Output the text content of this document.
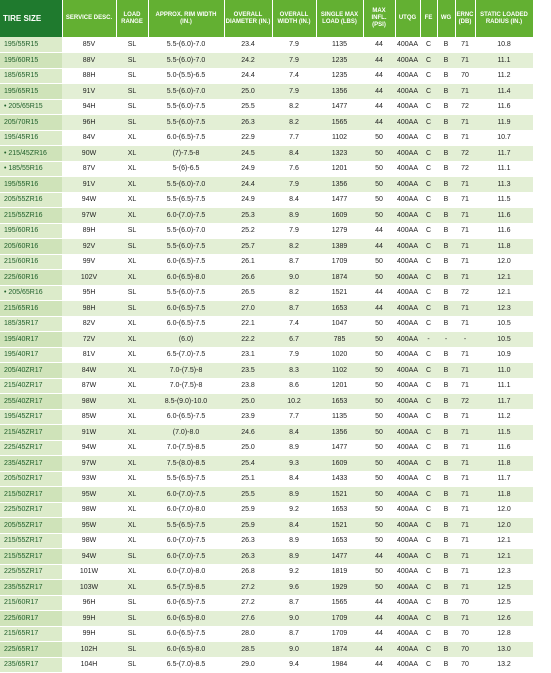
TIRE SIZE	SERVICE DESC.	LOAD RANGE	APPROX. RIM WIDTH (IN.)	OVERALL DIAMETER (IN.)	OVERALL WIDTH (IN.)	SINGLE MAX LOAD (LBS)	MAX INFL. (PSI)	UTQG	FE	WG	ERNC (DB)	STATIC LOADED RADIUS (IN.)	REVS PER MILE
195/55R15	85V	SL	5.5-(6.0)-7.0	23.4	7.9	1135	44	400AA	C	B	71	10.8	
195/60R15	88V	SL	5.5-(6.0)-7.0	24.2	7.9	1235	44	400AA	C	B	71	11.1	
185/65R15	88H	SL	5.0-(5.5)-6.5	24.4	7.4	1235	44	400AA	C	B	70	11.2	
195/65R15	91V	SL	5.5-(6.0)-7.0	25.0	7.9	1356	44	400AA	C	B	71	11.4	
• 205/65R15	94H	SL	5.5-(6.0)-7.5	25.5	8.2	1477	44	400AA	C	B	72	11.6	
205/70R15	96H	SL	5.5-(6.0)-7.5	26.3	8.2	1565	44	400AA	C	B	71	11.9	
195/45R16	84V	XL	6.0-(6.5)-7.5	22.9	7.7	1102	50	400AA	C	B	71	10.7	
• 215/45ZR16	90W	XL	(7)-7.5-8	24.5	8.4	1323	50	400AA	C	B	72	11.7	
• 185/55R16	87V	XL	5-(6)-6.5	24.9	7.6	1201	50	400AA	C	B	72	11.1	
195/55R16	91V	XL	5.5-(6.0)-7.0	24.4	7.9	1356	50	400AA	C	B	71	11.3	
205/55ZR16	94W	XL	5.5-(6.5)-7.5	24.9	8.4	1477	50	400AA	C	B	71	11.5	
215/55ZR16	97W	XL	6.0-(7.0)-7.5	25.3	8.9	1609	50	400AA	C	B	71	11.6	
195/60R16	89H	SL	5.5-(6.0)-7.0	25.2	7.9	1279	44	400AA	C	B	71	11.6	
205/60R16	92V	SL	5.5-(6.0)-7.5	25.7	8.2	1389	44	400AA	C	B	71	11.8	
215/60R16	99V	XL	6.0-(6.5)-7.5	26.1	8.7	1709	50	400AA	C	B	71	12.0	
225/60R16	102V	XL	6.0-(6.5)-8.0	26.6	9.0	1874	50	400AA	C	B	71	12.1	
• 205/65R16	95H	SL	5.5-(6.0)-7.5	26.5	8.2	1521	44	400AA	C	B	72	12.1	
215/65R16	98H	SL	6.0-(6.5)-7.5	27.0	8.7	1653	44	400AA	C	B	71	12.3	
185/35R17	82V	XL	6.0-(6.5)-7.5	22.1	7.4	1047	50	400AA	C	B	71	10.5	
195/40R17	72V	XL	(6.0)	22.2	6.7	785	50	400AA	-	-	-	10.5	
195/40R17	81V	XL	6.5-(7.0)-7.5	23.1	7.9	1020	50	400AA	C	B	71	10.9	
205/40ZR17	84W	XL	7.0-(7.5)-8	23.5	8.3	1102	50	400AA	C	B	71	11.0	
215/40ZR17	87W	XL	7.0-(7.5)-8	23.8	8.6	1201	50	400AA	C	B	71	11.1	
255/40ZR17	98W	XL	8.5-(9.0)-10.0	25.0	10.2	1653	50	400AA	C	B	72	11.7	
195/45ZR17	85W	XL	6.0-(6.5)-7.5	23.9	7.7	1135	50	400AA	C	B	71	11.2	
215/45ZR17	91W	XL	(7.0)-8.0	24.6	8.4	1356	50	400AA	C	B	71	11.5	
225/45ZR17	94W	XL	7.0-(7.5)-8.5	25.0	8.9	1477	50	400AA	C	B	71	11.6	
235/45ZR17	97W	XL	7.5-(8.0)-8.5	25.4	9.3	1609	50	400AA	C	B	71	11.8	
205/50ZR17	93W	XL	5.5-(6.5)-7.5	25.1	8.4	1433	50	400AA	C	B	71	11.7	
215/50ZR17	95W	XL	6.0-(7.0)-7.5	25.5	8.9	1521	50	400AA	C	B	71	11.8	
225/50ZR17	98W	XL	6.0-(7.0)-8.0	25.9	9.2	1653	50	400AA	C	B	71	12.0	
205/55ZR17	95W	XL	5.5-(6.5)-7.5	25.9	8.4	1521	50	400AA	C	B	71	12.0	
215/55ZR17	98W	XL	6.0-(7.0)-7.5	26.3	8.9	1653	50	400AA	C	B	71	12.1	
215/55ZR17	94W	SL	6.0-(7.0)-7.5	26.3	8.9	1477	44	400AA	C	B	71	12.1	
225/55ZR17	101W	XL	6.0-(7.0)-8.0	26.8	9.2	1819	50	400AA	C	B	71	12.3	
235/55ZR17	103W	XL	6.5-(7.5)-8.5	27.2	9.6	1929	50	400AA	C	B	71	12.5	
215/60R17	96H	SL	6.0-(6.5)-7.5	27.2	8.7	1565	44	400AA	C	B	70	12.5	
225/60R17	99H	SL	6.0-(6.5)-8.0	27.6	9.0	1709	44	400AA	C	B	71	12.6	
215/65R17	99H	SL	6.0-(6.5)-7.5	28.0	8.7	1709	44	400AA	C	B	70	12.8	
225/65R17	102H	SL	6.0-(6.5)-8.0	28.5	9.0	1874	44	400AA	C	B	70	13.0	
235/65R17	104H	SL	6.5-(7.0)-8.5	29.0	9.4	1984	44	400AA	C	B	70	13.2	
